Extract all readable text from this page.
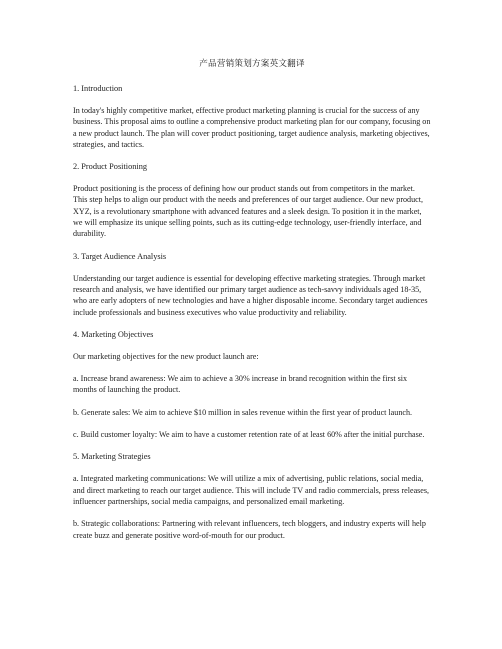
产品营销策划方案英文翻译
1. Introduction
In today's highly competitive market, effective product marketing planning is crucial for the success of any business. This proposal aims to outline a comprehensive product marketing plan for our company, focusing on a new product launch. The plan will cover product positioning, target audience analysis, marketing objectives, strategies, and tactics.
2. Product Positioning
Product positioning is the process of defining how our product stands out from competitors in the market. This step helps to align our product with the needs and preferences of our target audience. Our new product, XYZ, is a revolutionary smartphone with advanced features and a sleek design. To position it in the market, we will emphasize its unique selling points, such as its cutting-edge technology, user-friendly interface, and durability.
3. Target Audience Analysis
Understanding our target audience is essential for developing effective marketing strategies. Through market research and analysis, we have identified our primary target audience as tech-savvy individuals aged 18-35, who are early adopters of new technologies and have a higher disposable income. Secondary target audiences include professionals and business executives who value productivity and reliability.
4. Marketing Objectives
Our marketing objectives for the new product launch are:
a. Increase brand awareness: We aim to achieve a 30% increase in brand recognition within the first six months of launching the product.
b. Generate sales: We aim to achieve $10 million in sales revenue within the first year of product launch.
c. Build customer loyalty: We aim to have a customer retention rate of at least 60% after the initial purchase.
5. Marketing Strategies
a. Integrated marketing communications: We will utilize a mix of advertising, public relations, social media, and direct marketing to reach our target audience. This will include TV and radio commercials, press releases, influencer partnerships, social media campaigns, and personalized email marketing.
b. Strategic collaborations: Partnering with relevant influencers, tech bloggers, and industry experts will help create buzz and generate positive word-of-mouth for our product.
